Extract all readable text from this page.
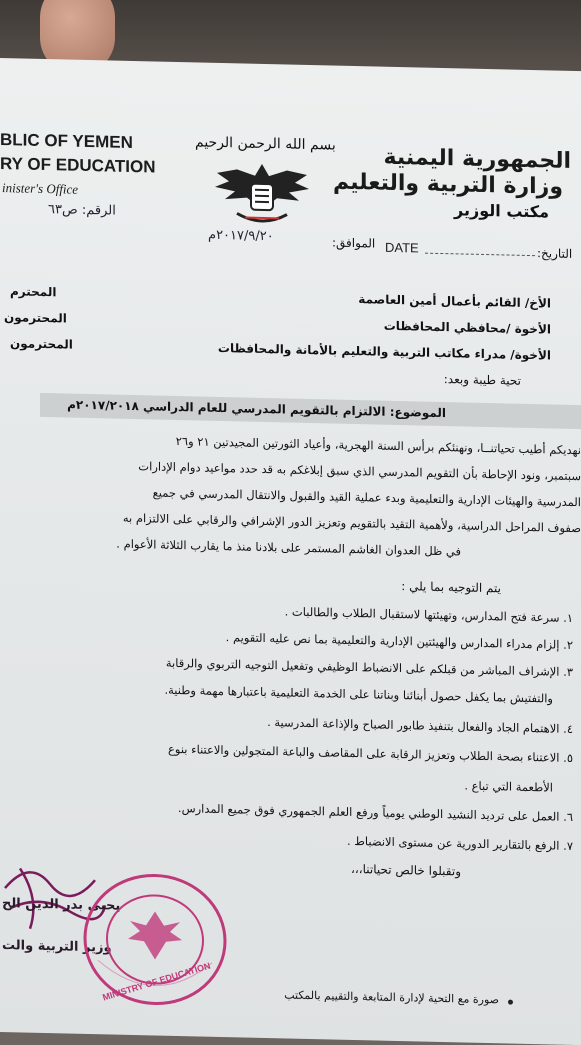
BLIC OF YEMEN
RY OF EDUCATION
inister's Office
الرقم: ص٦٣
بسم الله الرحمن الرحيم
الجمهورية اليمنية
وزارة التربية والتعليم
مكتب الوزير
الموافق:
٢٠١٧/٩/٢٠م
DATE	التاريخ:
الأخ/ القائم بأعمال أمين العاصمة
المحترم
الأخوة /محافظي المحافظات
المحترمون
الأخوة/ مدراء مكاتب التربية والتعليم بالأمانة والمحافظات
المحترمون
تحية طيبة وبعد:
الموضوع: الالتزام بالتقويم المدرسي للعام الدراسي ٢٠١٧/٢٠١٨م
نهديكم أطيب تحياتنــا، ونهنئكم برأس السنة الهجرية، وأعياد الثورتين المجيدتين ٢١ و٢٦
سبتمبر، ونود الإحاطة بأن التقويم المدرسي الذي سبق إبلاغكم به قد حدد مواعيد دوام الإدارات
المدرسية والهيئات الإدارية والتعليمية وبدء عملية القيد والقبول والانتقال المدرسي في جميع
صفوف المراحل الدراسية، ولأهمية التقيد بالتقويم وتعزيز الدور الإشرافي والرقابي على الالتزام به
في ظل العدوان الغاشم المستمر على بلادنا منذ ما يقارب الثلاثة الأعوام .
يتم التوجيه بما يلي :
١. سرعة فتح المدارس، وتهيئتها لاستقبال الطلاب والطالبات .
٢. إلزام مدراء المدارس والهيئتين الإدارية والتعليمية بما نص عليه التقويم .
٣. الإشراف المباشر من قبلكم على الانضباط الوظيفي وتفعيل التوجيه التربوي والرقابة
والتفتيش بما يكفل حصول أبنائنا وبناتنا على الخدمة التعليمية باعتبارها مهمة وطنية.
٤. الاهتمام الجاد والفعال بتنفيذ طابور الصباح والإذاعة المدرسية .
٥. الاعتناء بصحة الطلاب وتعزيز الرقابة على المقاصف والباعة المتجولين والاعتناء بنوع
الأطعمة التي تباع .
٦. العمل على ترديد النشيد الوطني يومياً ورفع العلم الجمهوري فوق جميع المدارس.
٧. الرفع بالتقارير الدورية عن مستوى الانضباط .
وتقبلوا خالص تحياتنا،،،
يحيى بدر الدين الح
وزير التربية والت
MINISTRY OF EDUCATION	صورة مع التحية لإدارة المتابعة والتقييم بالمكتب
